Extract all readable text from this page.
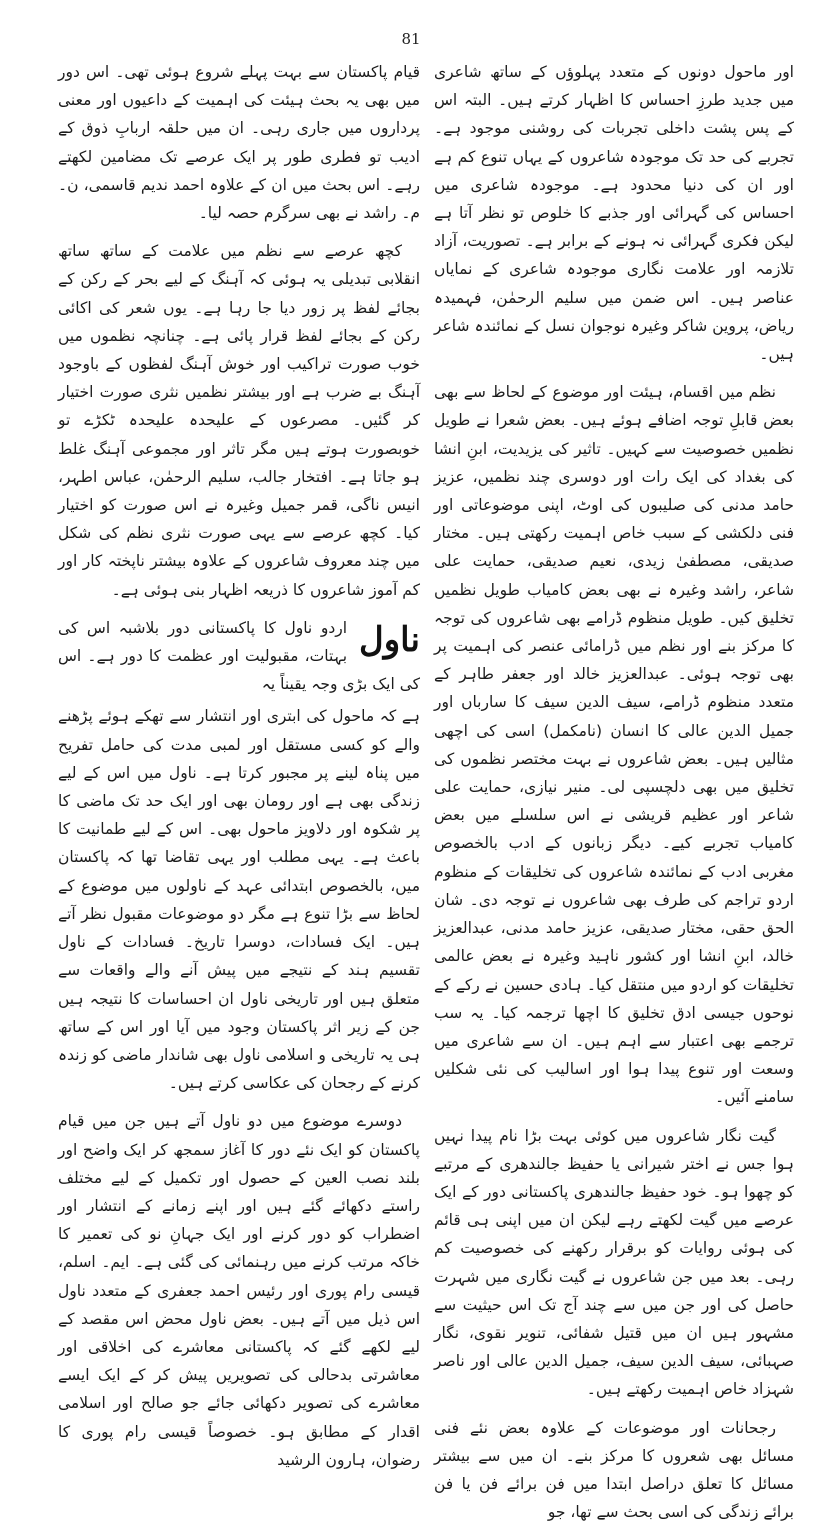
81

اور ماحول دونوں کے متعدد پہلوؤں کے ساتھ شاعری میں جدید طرزِ احساس کا اظہار کرتے ہیں۔ البتہ اس کے پس پشت داخلی تجربات کی روشنی موجود ہے۔ تجربے کی حد تک موجودہ شاعروں کے یہاں تنوع کم ہے اور ان کی دنیا محدود ہے۔ موجودہ شاعری میں احساس کی گہرائی اور جذبے کا خلوص تو نظر آتا ہے لیکن فکری گہرائی نہ ہونے کے برابر ہے۔ تصوریت، آزاد تلازمہ اور علامت نگاری موجودہ شاعری کے نمایاں عناصر ہیں۔ اس ضمن میں سلیم الرحمٰن، فہمیدہ ریاض، پروین شاکر وغیرہ نوجوان نسل کے نمائندہ شاعر ہیں۔

نظم میں اقسام، ہیئت اور موضوع کے لحاظ سے بھی بعض قابلِ توجہ اضافے ہوئے ہیں۔ بعض شعرا نے طویل نظمیں خصوصیت سے کہیں۔ تاثیر کی یزیدیت، ابنِ انشا کی بغداد کی ایک رات اور دوسری چند نظمیں، عزیز حامد مدنی کی صلیبوں کی اوٹ، اپنی موضوعاتی اور فنی دلکشی کے سبب خاص اہمیت رکھتی ہیں۔ مختار صدیقی، مصطفیٰ زیدی، نعیم صدیقی، حمایت علی شاعر، راشد وغیرہ نے بھی بعض کامیاب طویل نظمیں تخلیق کیں۔ طویل منظوم ڈرامے بھی شاعروں کی توجہ کا مرکز بنے اور نظم میں ڈرامائی عنصر کی اہمیت پر بھی توجہ ہوئی۔ عبدالعزیز خالد اور جعفر طاہر کے متعدد منظوم ڈرامے، سیف الدین سیف کا سارباں اور جمیل الدین عالی کا انسان (نامکمل) اسی کی اچھی مثالیں ہیں۔ بعض شاعروں نے بہت مختصر نظموں کی تخلیق میں بھی دلچسپی لی۔ منیر نیازی، حمایت علی شاعر اور عظیم قریشی نے اس سلسلے میں بعض کامیاب تجربے کیے۔ دیگر زبانوں کے ادب بالخصوص مغربی ادب کے نمائندہ شاعروں کی تخلیقات کے منظوم اردو تراجم کی طرف بھی شاعروں نے توجہ دی۔ شان الحق حقی، مختار صدیقی، عزیز حامد مدنی، عبدالعزیز خالد، ابنِ انشا اور کشور ناہید وغیرہ نے بعض عالمی تخلیقات کو اردو میں منتقل کیا۔ ہادی حسین نے رکے کے نوحوں جیسی ادق تخلیق کا اچھا ترجمہ کیا۔ یہ سب ترجمے بھی اعتبار سے اہم ہیں۔ ان سے شاعری میں وسعت اور تنوع پیدا ہوا اور اسالیب کی نئی شکلیں سامنے آئیں۔

گیت نگار شاعروں میں کوئی بہت بڑا نام پیدا نہیں ہوا جس نے اختر شیرانی یا حفیظ جالندھری کے مرتبے کو چھوا ہو۔ خود حفیظ جالندھری پاکستانی دور کے ایک عرصے میں گیت لکھتے رہے لیکن ان میں اپنی ہی قائم کی ہوئی روایات کو برقرار رکھنے کی خصوصیت کم رہی۔ بعد میں جن شاعروں نے گیت نگاری میں شہرت حاصل کی اور جن میں سے چند آج تک اس حیثیت سے مشہور ہیں ان میں قتیل شفائی، تنویر نقوی، نگار صہبائی، سیف الدین سیف، جمیل الدین عالی اور ناصر شہزاد خاص اہمیت رکھتے ہیں۔

رجحانات اور موضوعات کے علاوہ بعض نئے فنی مسائل بھی شعروں کا مرکز بنے۔ ان میں سے بیشتر مسائل کا تعلق دراصل ابتدا میں فن برائے فن یا فن برائے زندگی کی اسی بحث سے تھا، جو

قیام پاکستان سے بہت پہلے شروع ہوئی تھی۔ اس دور میں بھی یہ بحث ہیئت کی اہمیت کے داعیوں اور معنی پرداروں میں جاری رہی۔ ان میں حلقہ اربابِ ذوق کے ادیب تو فطری طور پر ایک عرصے تک مضامین لکھتے رہے۔ اس بحث میں ان کے علاوہ احمد ندیم قاسمی، ن۔ م۔ راشد نے بھی سرگرم حصہ لیا۔

کچھ عرصے سے نظم میں علامت کے ساتھ ساتھ انقلابی تبدیلی یہ ہوئی کہ آہنگ کے لیے بحر کے رکن کے بجائے لفظ پر زور دیا جا رہا ہے۔ یوں شعر کی اکائی رکن کے بجائے لفظ قرار پائی ہے۔ چنانچہ نظموں میں خوب صورت تراکیب اور خوش آہنگ لفظوں کے باوجود آہنگ بے ضرب ہے اور بیشتر نظمیں نثری صورت اختیار کر گئیں۔ مصرعوں کے علیحدہ علیحدہ ٹکڑے تو خوبصورت ہوتے ہیں مگر تاثر اور مجموعی آہنگ غلط ہو جاتا ہے۔ افتخار جالب، سلیم الرحمٰن، عباس اطہر، انیس ناگی، قمر جمیل وغیرہ نے اس صورت کو اختیار کیا۔ کچھ عرصے سے یہی صورت نثری نظم کی شکل میں چند معروف شاعروں کے علاوہ بیشتر ناپختہ کار اور کم آموز شاعروں کا ذریعہ اظہار بنی ہوئی ہے۔

ناول

اردو ناول کا پاکستانی دور بلاشبہ اس کی بہتات، مقبولیت اور عظمت کا دور ہے۔ اس کی ایک بڑی وجہ یقیناً یہ

ہے کہ ماحول کی ابتری اور انتشار سے تھکے ہوئے پڑھنے والے کو کسی مستقل اور لمبی مدت کی حامل تفریح میں پناہ لینے پر مجبور کرتا ہے۔ ناول میں اس کے لیے زندگی بھی ہے اور رومان بھی اور ایک حد تک ماضی کا پر شکوہ اور دلاویز ماحول بھی۔ اس کے لیے طمانیت کا باعث ہے۔ یہی مطلب اور یہی تقاضا تھا کہ پاکستان میں، بالخصوص ابتدائی عہد کے ناولوں میں موضوع کے لحاظ سے بڑا تنوع ہے مگر دو موضوعات مقبول نظر آتے ہیں۔ ایک فسادات، دوسرا تاریخ۔ فسادات کے ناول تقسیم ہند کے نتیجے میں پیش آنے والے واقعات سے متعلق ہیں اور تاریخی ناول ان احساسات کا نتیجہ ہیں جن کے زیر اثر پاکستان وجود میں آیا اور اس کے ساتھ ہی یہ تاریخی و اسلامی ناول بھی شاندار ماضی کو زندہ کرنے کے رجحان کی عکاسی کرتے ہیں۔

دوسرے موضوع میں دو ناول آتے ہیں جن میں قیام پاکستان کو ایک نئے دور کا آغاز سمجھ کر ایک واضح اور بلند نصب العین کے حصول اور تکمیل کے لیے مختلف راستے دکھائے گئے ہیں اور اپنے زمانے کے انتشار اور اضطراب کو دور کرنے اور ایک جہانِ نو کی تعمیر کا خاکہ مرتب کرنے میں رہنمائی کی گئی ہے۔ ایم۔ اسلم، قیسی رام پوری اور رئیس احمد جعفری کے متعدد ناول اس ذیل میں آتے ہیں۔ بعض ناول محض اس مقصد کے لیے لکھے گئے کہ پاکستانی معاشرے کی اخلاقی اور معاشرتی بدحالی کی تصویریں پیش کر کے ایک ایسے معاشرے کی تصویر دکھائی جائے جو صالح اور اسلامی اقدار کے مطابق ہو۔ خصوصاً قیسی رام پوری کا رضوان، ہارون الرشید
